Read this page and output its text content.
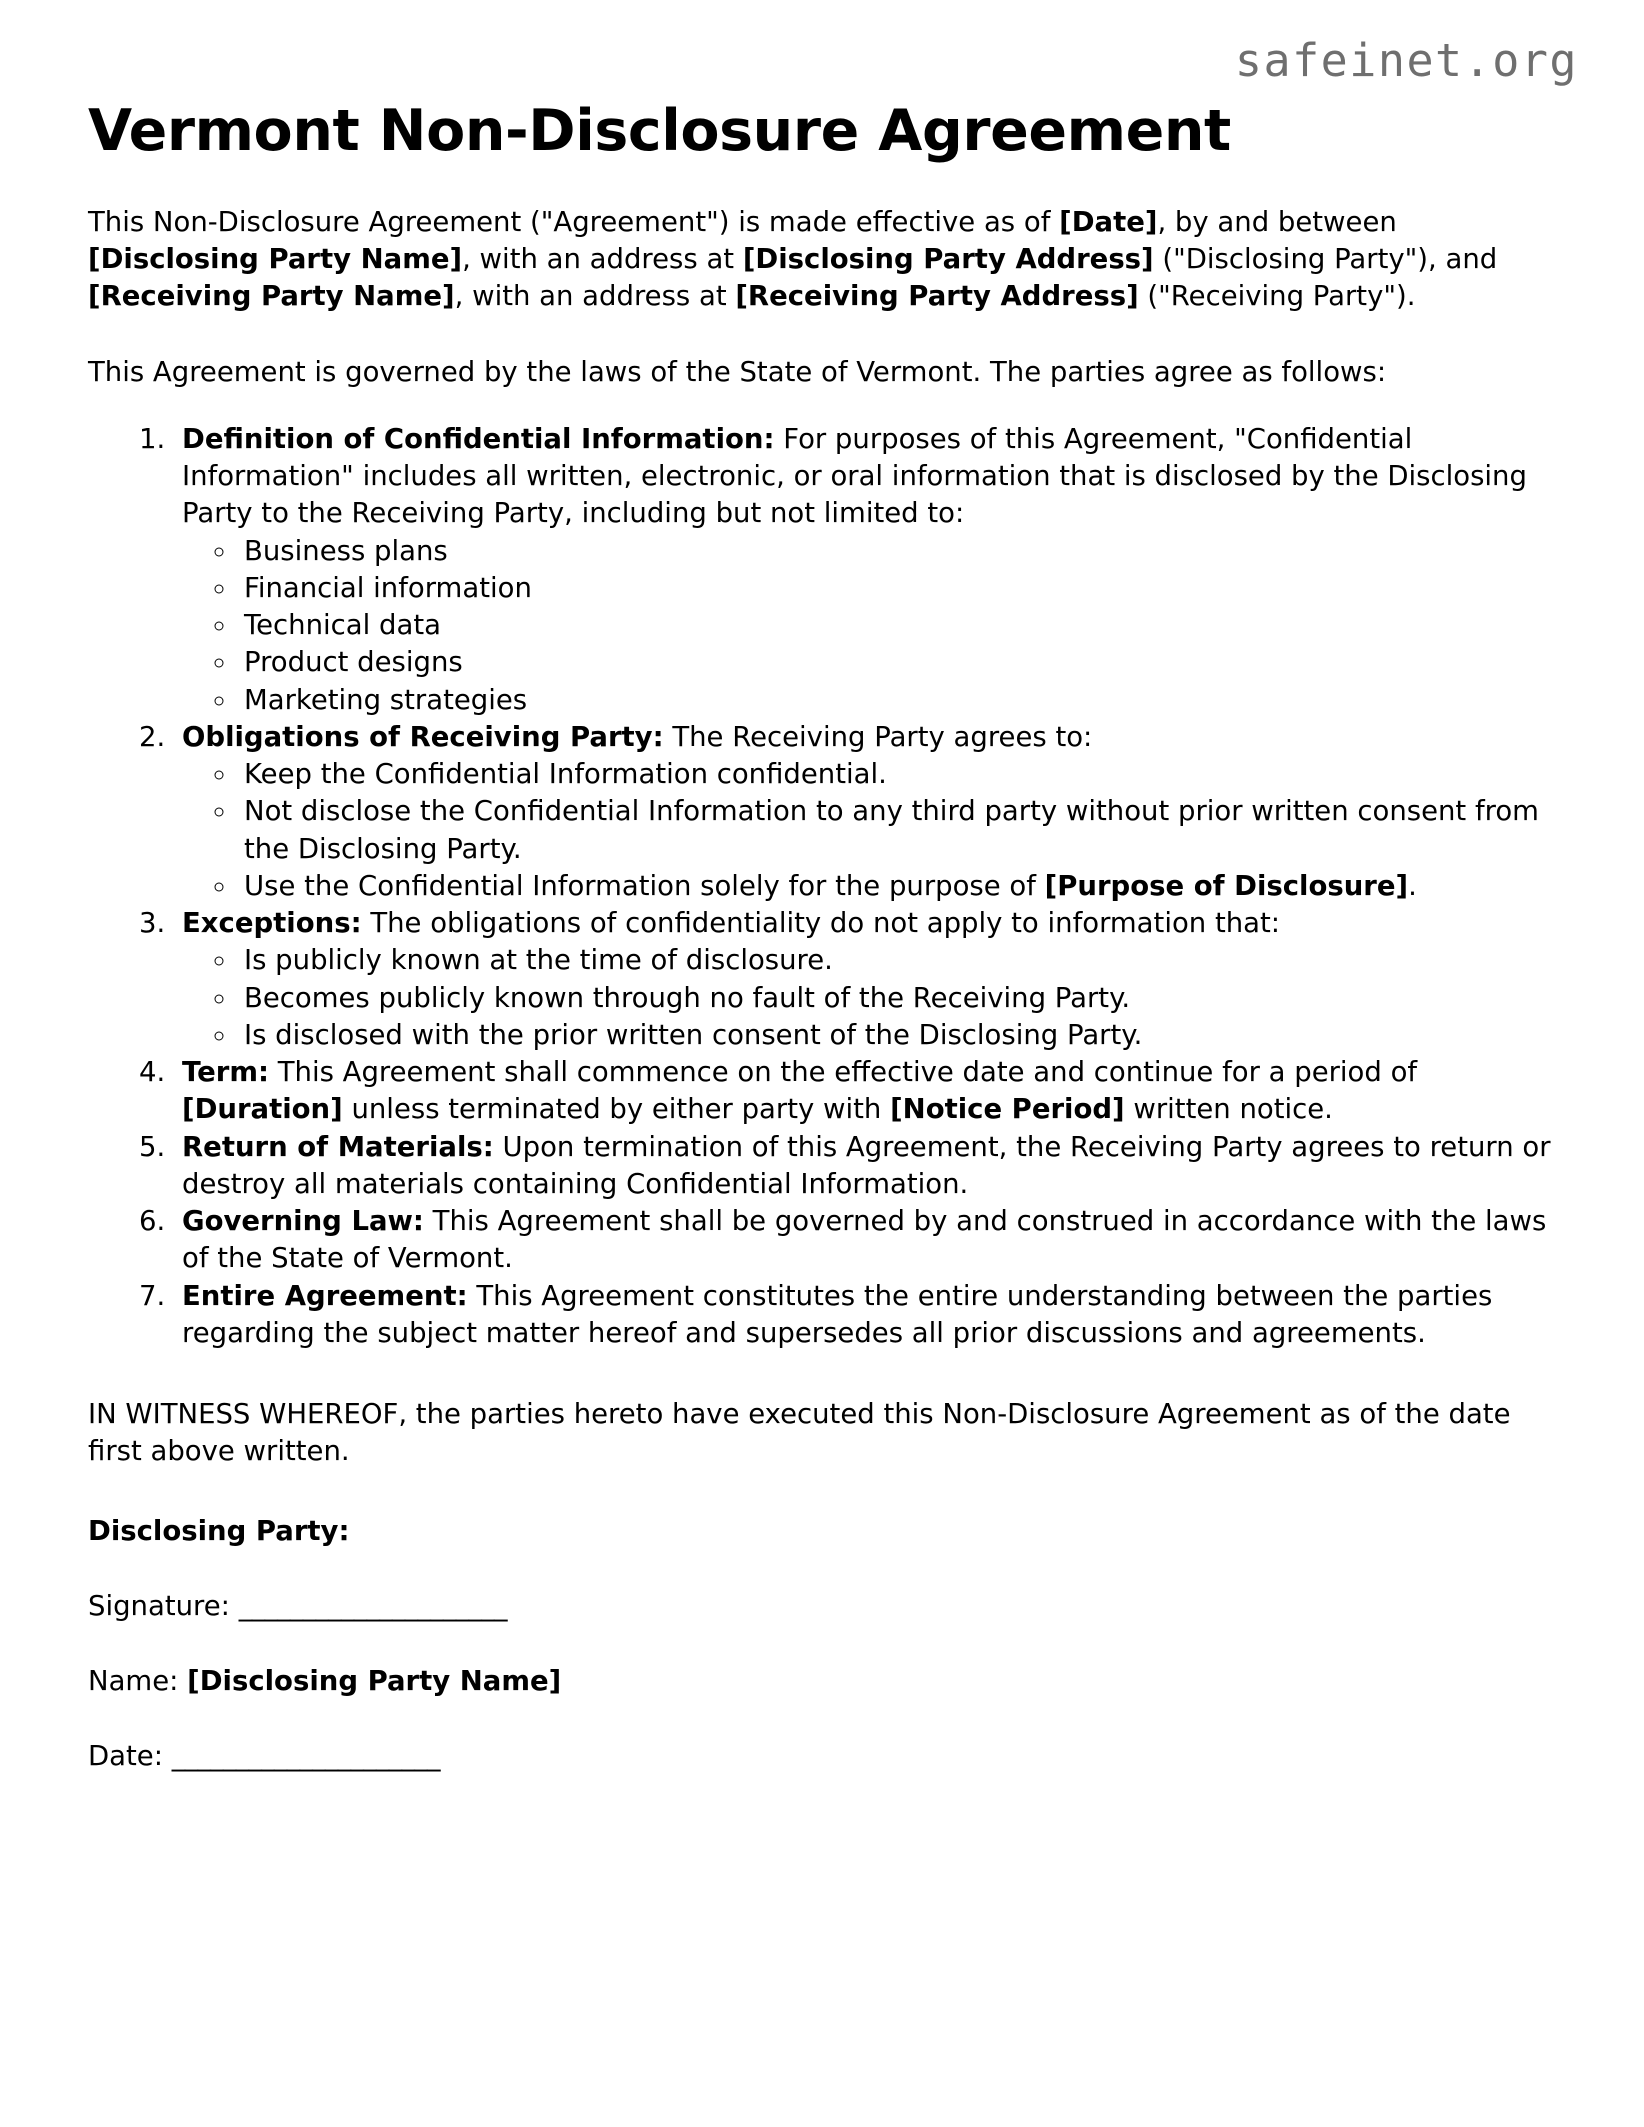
safeinet.org
Vermont Non-Disclosure Agreement

This Non-Disclosure Agreement ("Agreement") is made effective as of [Date], by and between [Disclosing Party Name], with an address at [Disclosing Party Address] ("Disclosing Party"), and [Receiving Party Name], with an address at [Receiving Party Address] ("Receiving Party").

This Agreement is governed by the laws of the State of Vermont. The parties agree as follows:

1. Definition of Confidential Information: For purposes of this Agreement, "Confidential Information" includes all written, electronic, or oral information that is disclosed by the Disclosing Party to the Receiving Party, including but not limited to:
◦ Business plans
◦ Financial information
◦ Technical data
◦ Product designs
◦ Marketing strategies
2. Obligations of Receiving Party: The Receiving Party agrees to:
◦ Keep the Confidential Information confidential.
◦ Not disclose the Confidential Information to any third party without prior written consent from the Disclosing Party.
◦ Use the Confidential Information solely for the purpose of [Purpose of Disclosure].
3. Exceptions: The obligations of confidentiality do not apply to information that:
◦ Is publicly known at the time of disclosure.
◦ Becomes publicly known through no fault of the Receiving Party.
◦ Is disclosed with the prior written consent of the Disclosing Party.
4. Term: This Agreement shall commence on the effective date and continue for a period of [Duration] unless terminated by either party with [Notice Period] written notice.
5. Return of Materials: Upon termination of this Agreement, the Receiving Party agrees to return or destroy all materials containing Confidential Information.
6. Governing Law: This Agreement shall be governed by and construed in accordance with the laws of the State of Vermont.
7. Entire Agreement: This Agreement constitutes the entire understanding between the parties regarding the subject matter hereof and supersedes all prior discussions and agreements.

IN WITNESS WHEREOF, the parties hereto have executed this Non-Disclosure Agreement as of the date first above written.

Disclosing Party:

Signature: _____________________

Name: [Disclosing Party Name]

Date: _____________________
